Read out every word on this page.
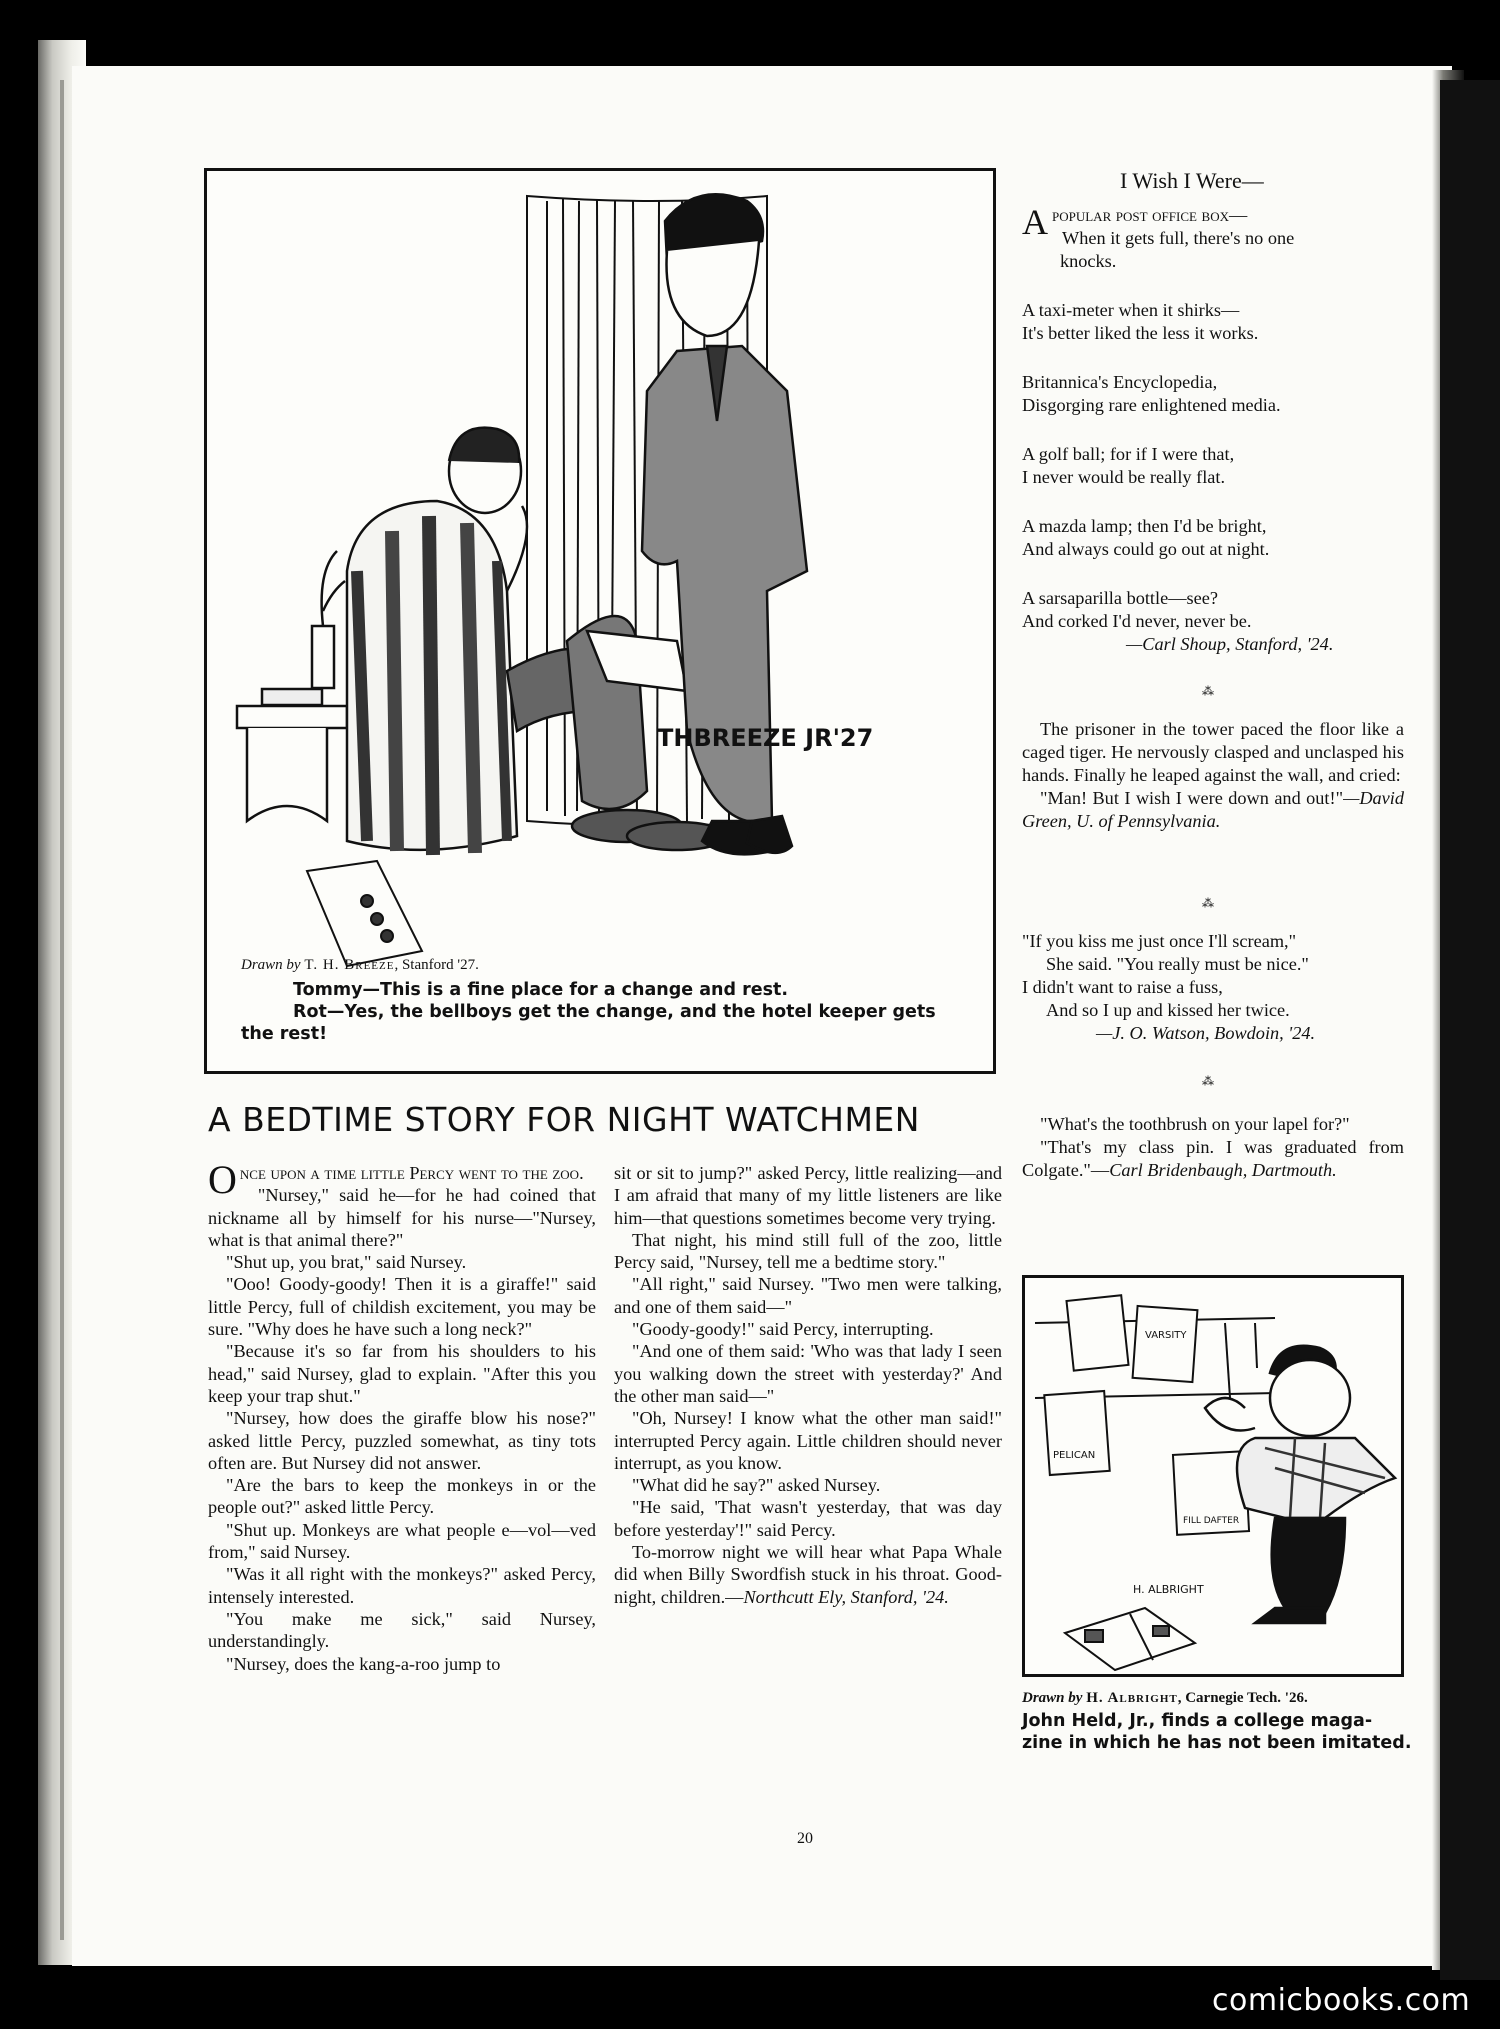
THBREEZE JR'27
Drawn by T. H. Breeze, Stanford '27.
Tommy—This is a fine place for a change and rest.
Rot—Yes, the bellboys get the change, and the hotel keeper gets
the rest!
A BEDTIME STORY FOR NIGHT WATCHMEN

Once upon a time little Percy went to the zoo.

"Nursey," said he—for he had coined that nickname all by himself for his nurse—"Nursey, what is that animal there?"

"Shut up, you brat," said Nursey.

"Ooo! Goody-goody! Then it is a giraffe!" said little Percy, full of childish excitement, you may be sure. "Why does he have such a long neck?"

"Because it's so far from his shoulders to his head," said Nursey, glad to explain. "After this you keep your trap shut."

"Nursey, how does the giraffe blow his nose?" asked little Percy, puzzled somewhat, as tiny tots often are. But Nursey did not answer.

"Are the bars to keep the monkeys in or the people out?" asked little Percy.

"Shut up. Monkeys are what people e—vol—ved from," said Nursey.

"Was it all right with the monkeys?" asked Percy, intensely interested.

"You make me sick," said Nursey, understandingly.

"Nursey, does the kang-a-roo jump to

sit or sit to jump?" asked Percy, little realizing—and I am afraid that many of my little listeners are like him—that questions sometimes become very trying.

That night, his mind still full of the zoo, little Percy said, "Nursey, tell me a bedtime story."

"All right," said Nursey. "Two men were talking, and one of them said—"

"Goody-goody!" said Percy, interrupting.

"And one of them said: 'Who was that lady I seen you walking down the street with yesterday?' And the other man said—"

"Oh, Nursey! I know what the other man said!" interrupted Percy again. Little children should never interrupt, as you know.

"What did he say?" asked Nursey.

"He said, 'That wasn't yesterday, that was day before yesterday'!" said Percy.

To-morrow night we will hear what Papa Whale did when Billy Swordfish stuck in his throat. Good-night, children.—Northcutt Ely, Stanford, '24.

I Wish I Were—
Apopular post office box—
When it gets full, there's no one
knocks.
A taxi-meter when it shirks—
It's better liked the less it works.
Britannica's Encyclopedia,
Disgorging rare enlightened media.
A golf ball; for if I were that,
I never would be really flat.
A mazda lamp; then I'd be bright,
And always could go out at night.
A sarsaparilla bottle—see?
And corked I'd never, never be.
—Carl Shoup, Stanford, '24.
⁂

The prisoner in the tower paced the floor like a caged tiger. He nervously clasped and unclasped his hands. Finally he leaped against the wall, and cried:

"Man! But I wish I were down and out!"—David Green, U. of Pennsylvania.

⁂
"If you kiss me just once I'll scream,"
She said. "You really must be nice."
I didn't want to raise a fuss,
And so I up and kissed her twice.
—J. O. Watson, Bowdoin, '24.
⁂

"What's the toothbrush on your lapel for?"

"That's my class pin. I was graduated from Colgate."—Carl Bridenbaugh, Dartmouth.

VARSITY
PELICAN
FILL DAFTER
H. ALBRIGHT
Drawn by H. Albright, Carnegie Tech. '26.
John Held, Jr., finds a college maga-
zine in which he has not been imitated.
20
comicbooks.com
